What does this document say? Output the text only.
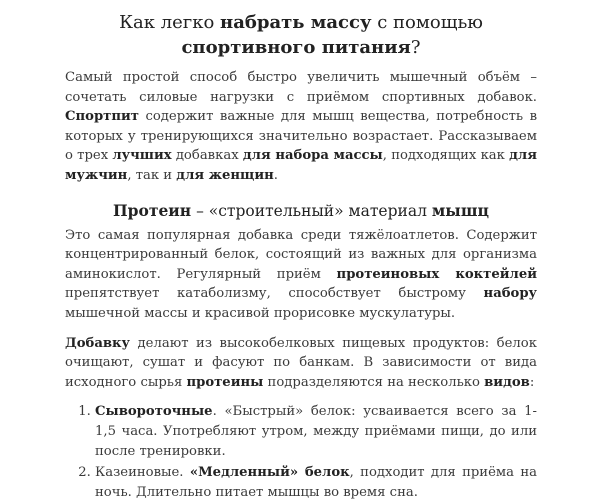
Как легко набрать массу с помощью спортивного питания?

Самый простой способ быстро увеличить мышечный объём – сочетать силовые нагрузки с приёмом спортивных добавок. Спортпит содержит важные для мышц вещества, потребность в которых у тренирующихся значительно возрастает. Рассказываем о трех лучших добавках для набора массы, подходящих как для мужчин, так и для женщин.

Протеин – «строительный» материал мышц

Это самая популярная добавка среди тяжёлоатлетов. Содержит концентрированный белок, состоящий из важных для организма аминокислот. Регулярный приём протеиновых коктейлей препятствует катаболизму, способствует быстрому набору мышечной массы и красивой прорисовке мускулатуры.

Добавку делают из высокобелковых пищевых продуктов: белок очищают, сушат и фасуют по банкам. В зависимости от вида исходного сырья протеины подразделяются на несколько видов:

1. Сывороточные. «Быстрый» белок: усваивается всего за 1-1,5 часа. Употребляют утром, между приёмами пищи, до или после тренировки.
2. Казеиновые. «Медленный» белок, подходит для приёма на ночь. Длительно питает мышцы во время сна.
